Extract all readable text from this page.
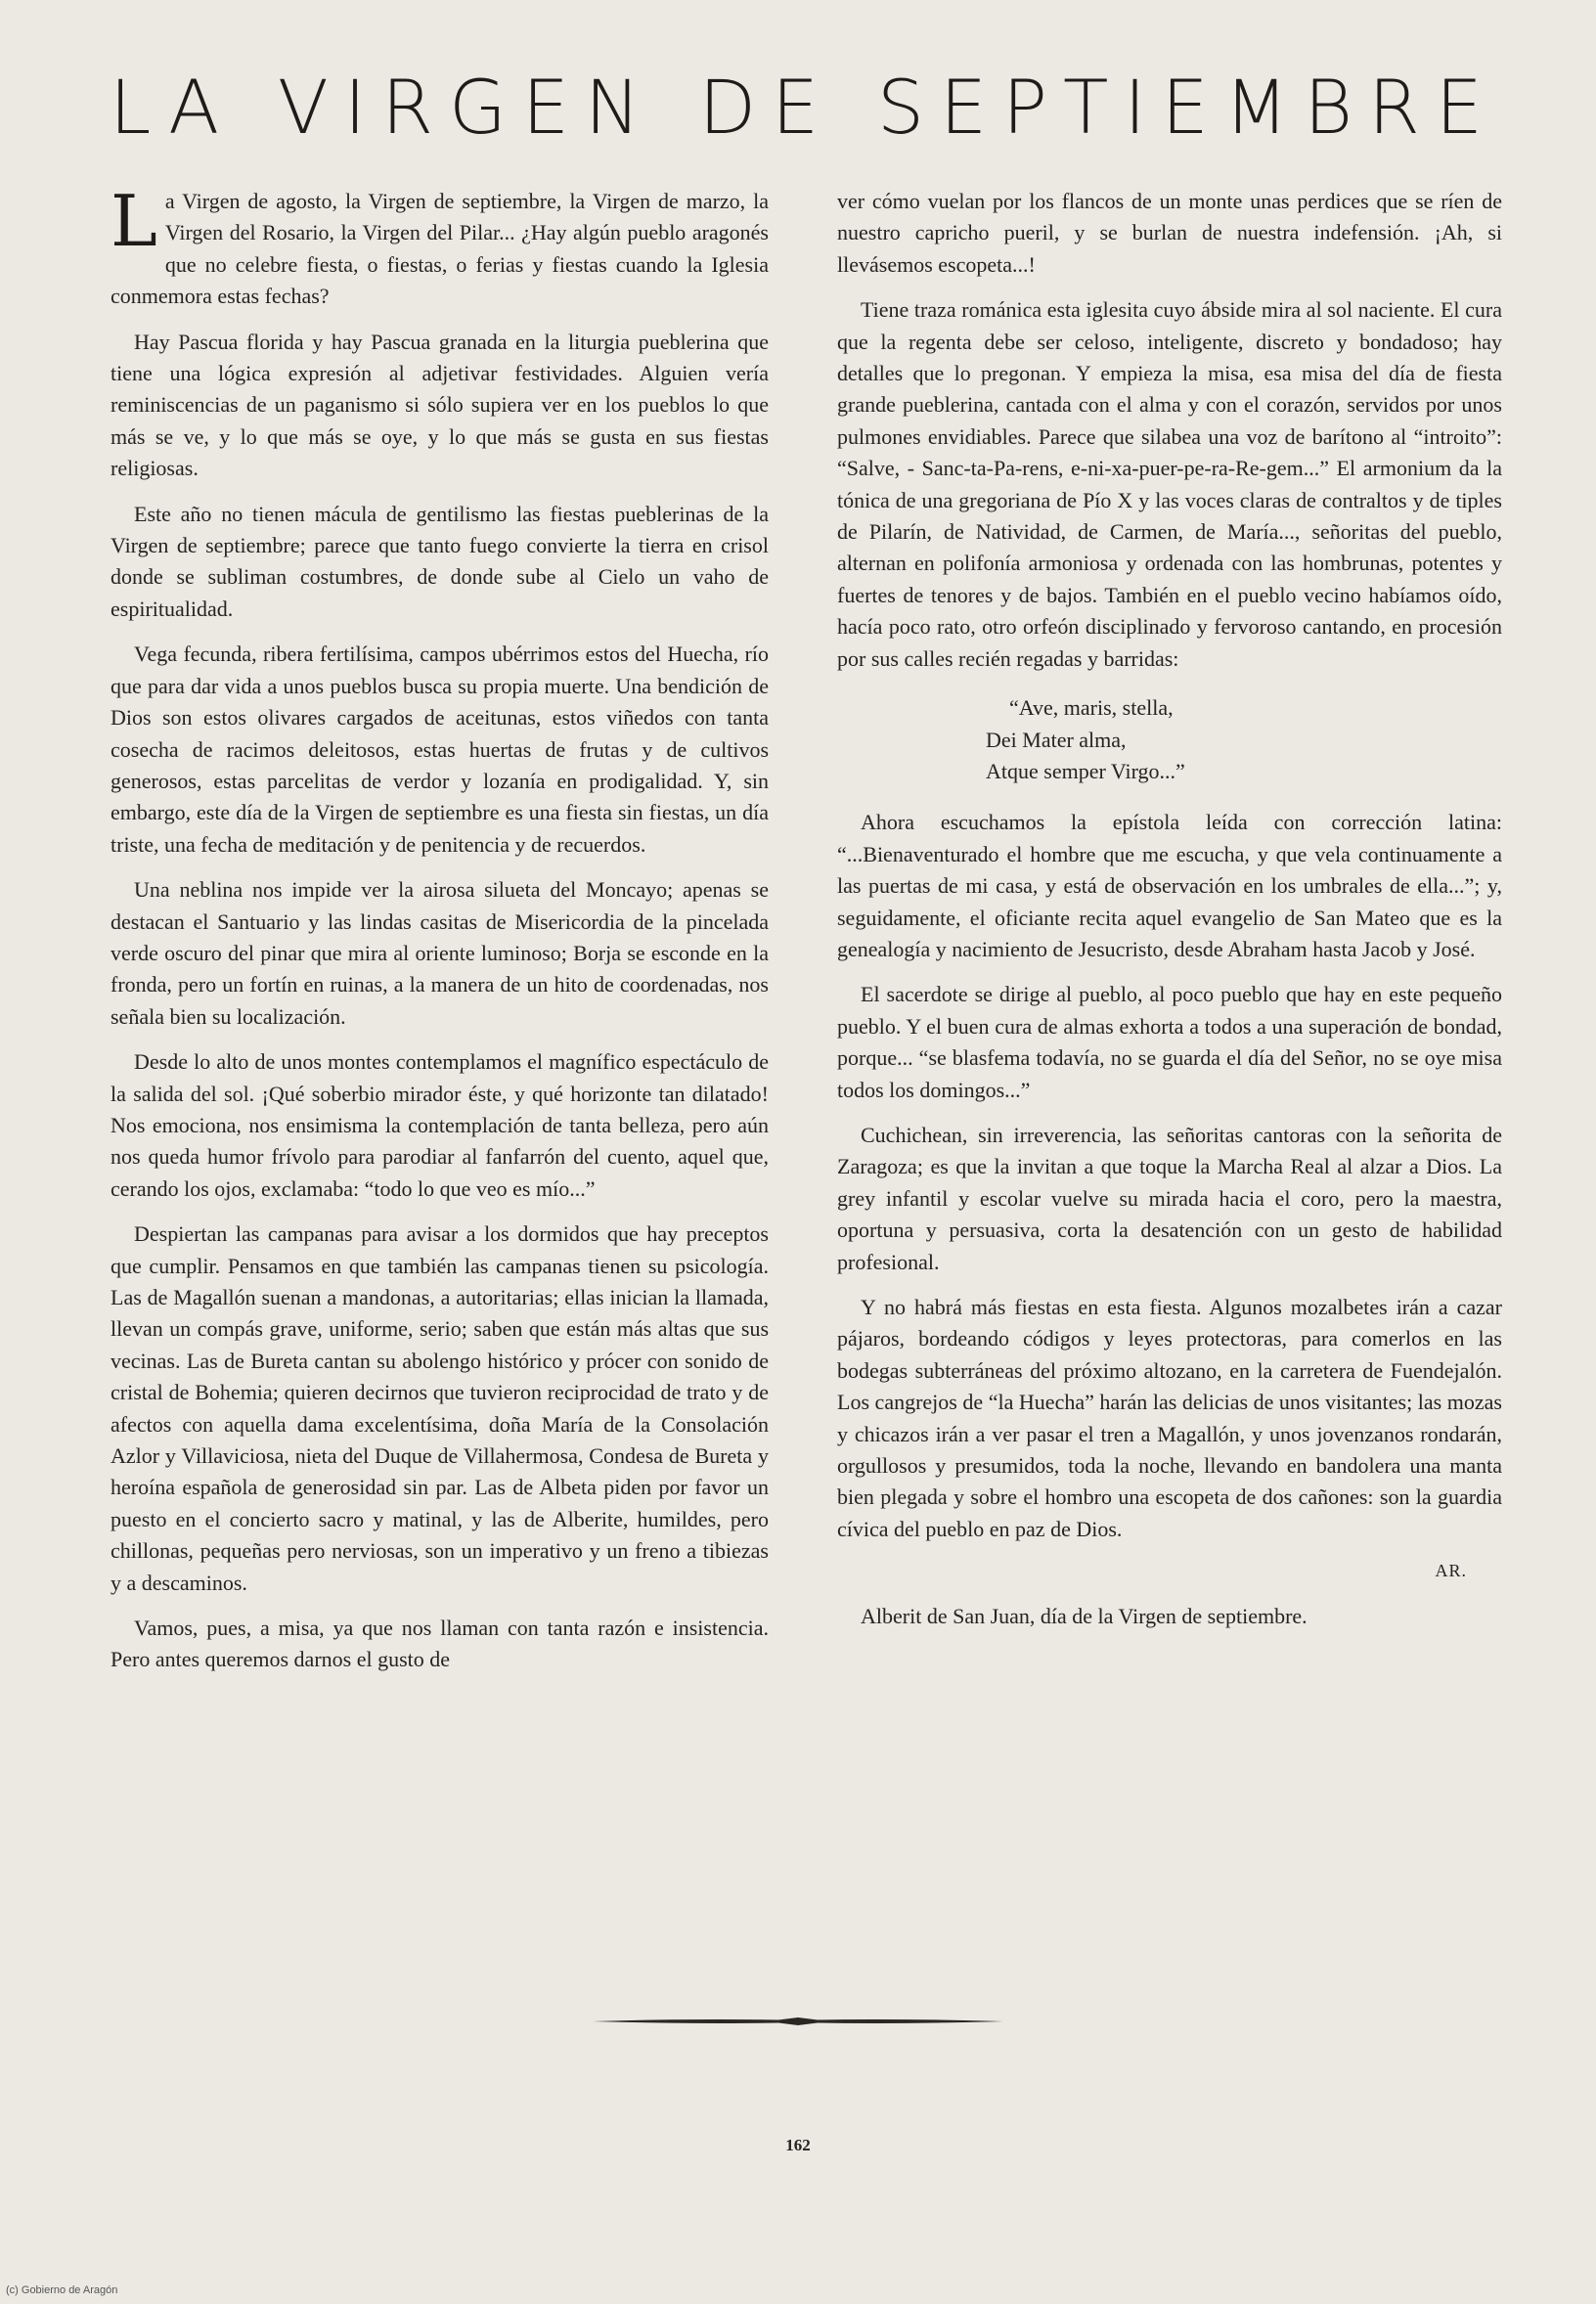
LA VIRGEN DE SEPTIEMBRE

La Virgen de agosto, la Virgen de septiembre, la Virgen de marzo, la Virgen del Rosario, la Virgen del Pilar... ¿Hay algún pueblo aragonés que no celebre fiesta, o fiestas, o ferias y fiestas cuando la Iglesia conmemora estas fechas?

Hay Pascua florida y hay Pascua granada en la liturgia pueblerina que tiene una lógica expresión al adjetivar festividades. Alguien vería reminiscencias de un paganismo si sólo supiera ver en los pueblos lo que más se ve, y lo que más se oye, y lo que más se gusta en sus fiestas religiosas.

Este año no tienen mácula de gentilismo las fiestas pueblerinas de la Virgen de septiembre; parece que tanto fuego convierte la tierra en crisol donde se subliman costumbres, de donde sube al Cielo un vaho de espiritualidad.

Vega fecunda, ribera fertilísima, campos ubérrimos estos del Huecha, río que para dar vida a unos pueblos busca su propia muerte. Una bendición de Dios son estos olivares cargados de aceitunas, estos viñedos con tanta cosecha de racimos deleitosos, estas huertas de frutas y de cultivos generosos, estas parcelitas de verdor y lozanía en prodigalidad. Y, sin embargo, este día de la Virgen de septiembre es una fiesta sin fiestas, un día triste, una fecha de meditación y de penitencia y de recuerdos.

Una neblina nos impide ver la airosa silueta del Moncayo; apenas se destacan el Santuario y las lindas casitas de Misericordia de la pincelada verde oscuro del pinar que mira al oriente luminoso; Borja se esconde en la fronda, pero un fortín en ruinas, a la manera de un hito de coordenadas, nos señala bien su localización.

Desde lo alto de unos montes contemplamos el magnífico espectáculo de la salida del sol. ¡Qué soberbio mirador éste, y qué horizonte tan dilatado! Nos emociona, nos ensimisma la contemplación de tanta belleza, pero aún nos queda humor frívolo para parodiar al fanfarrón del cuento, aquel que, cerando los ojos, exclamaba: “todo lo que veo es mío...”

Despiertan las campanas para avisar a los dormidos que hay preceptos que cumplir. Pensamos en que también las campanas tienen su psicología. Las de Magallón suenan a mandonas, a autoritarias; ellas inician la llamada, llevan un compás grave, uniforme, serio; saben que están más altas que sus vecinas. Las de Bureta cantan su abolengo histórico y prócer con sonido de cristal de Bohemia; quieren decirnos que tuvieron reciprocidad de trato y de afectos con aquella dama excelentísima, doña María de la Consolación Azlor y Villaviciosa, nieta del Duque de Villahermosa, Condesa de Bureta y heroína española de generosidad sin par. Las de Albeta piden por favor un puesto en el concierto sacro y matinal, y las de Alberite, humildes, pero chillonas, pequeñas pero nerviosas, son un imperativo y un freno a tibiezas y a descaminos.

Vamos, pues, a misa, ya que nos llaman con tanta razón e insistencia. Pero antes queremos darnos el gusto de

ver cómo vuelan por los flancos de un monte unas perdices que se ríen de nuestro capricho pueril, y se burlan de nuestra indefensión. ¡Ah, si llevásemos escopeta...!

Tiene traza románica esta iglesita cuyo ábside mira al sol naciente. El cura que la regenta debe ser celoso, inteligente, discreto y bondadoso; hay detalles que lo pregonan. Y empieza la misa, esa misa del día de fiesta grande pueblerina, cantada con el alma y con el corazón, servidos por unos pulmones envidiables. Parece que silabea una voz de barítono al “introito”: “Salve, - Sanc-ta-Pa-rens, e-ni-xa-puer-pe-ra-Re-gem...” El armonium da la tónica de una gregoriana de Pío X y las voces claras de contraltos y de tiples de Pilarín, de Natividad, de Carmen, de María..., señoritas del pueblo, alternan en polifonía armoniosa y ordenada con las hombrunas, potentes y fuertes de tenores y de bajos. También en el pueblo vecino habíamos oído, hacía poco rato, otro orfeón disciplinado y fervoroso cantando, en procesión por sus calles recién regadas y barridas:

“Ave, maris, stella,
Dei Mater alma,
Atque semper Virgo...”

Ahora escuchamos la epístola leída con corrección latina: “...Bienaventurado el hombre que me escucha, y que vela continuamente a las puertas de mi casa, y está de observación en los umbrales de ella...”; y, seguidamente, el oficiante recita aquel evangelio de San Mateo que es la genealogía y nacimiento de Jesucristo, desde Abraham hasta Jacob y José.

El sacerdote se dirige al pueblo, al poco pueblo que hay en este pequeño pueblo. Y el buen cura de almas exhorta a todos a una superación de bondad, porque... “se blasfema todavía, no se guarda el día del Señor, no se oye misa todos los domingos...”

Cuchichean, sin irreverencia, las señoritas cantoras con la señorita de Zaragoza; es que la invitan a que toque la Marcha Real al alzar a Dios. La grey infantil y escolar vuelve su mirada hacia el coro, pero la maestra, oportuna y persuasiva, corta la desatención con un gesto de habilidad profesional.

Y no habrá más fiestas en esta fiesta. Algunos mozalbetes irán a cazar pájaros, bordeando códigos y leyes protectoras, para comerlos en las bodegas subterráneas del próximo altozano, en la carretera de Fuendejalón. Los cangrejos de “la Huecha” harán las delicias de unos visitantes; las mozas y chicazos irán a ver pasar el tren a Magallón, y unos jovenzanos rondarán, orgullosos y presumidos, toda la noche, llevando en bandolera una manta bien plegada y sobre el hombro una escopeta de dos cañones: son la guardia cívica del pueblo en paz de Dios.

AR.
Alberit de San Juan, día de la Virgen de septiembre.
162
(c) Gobierno de Aragón
